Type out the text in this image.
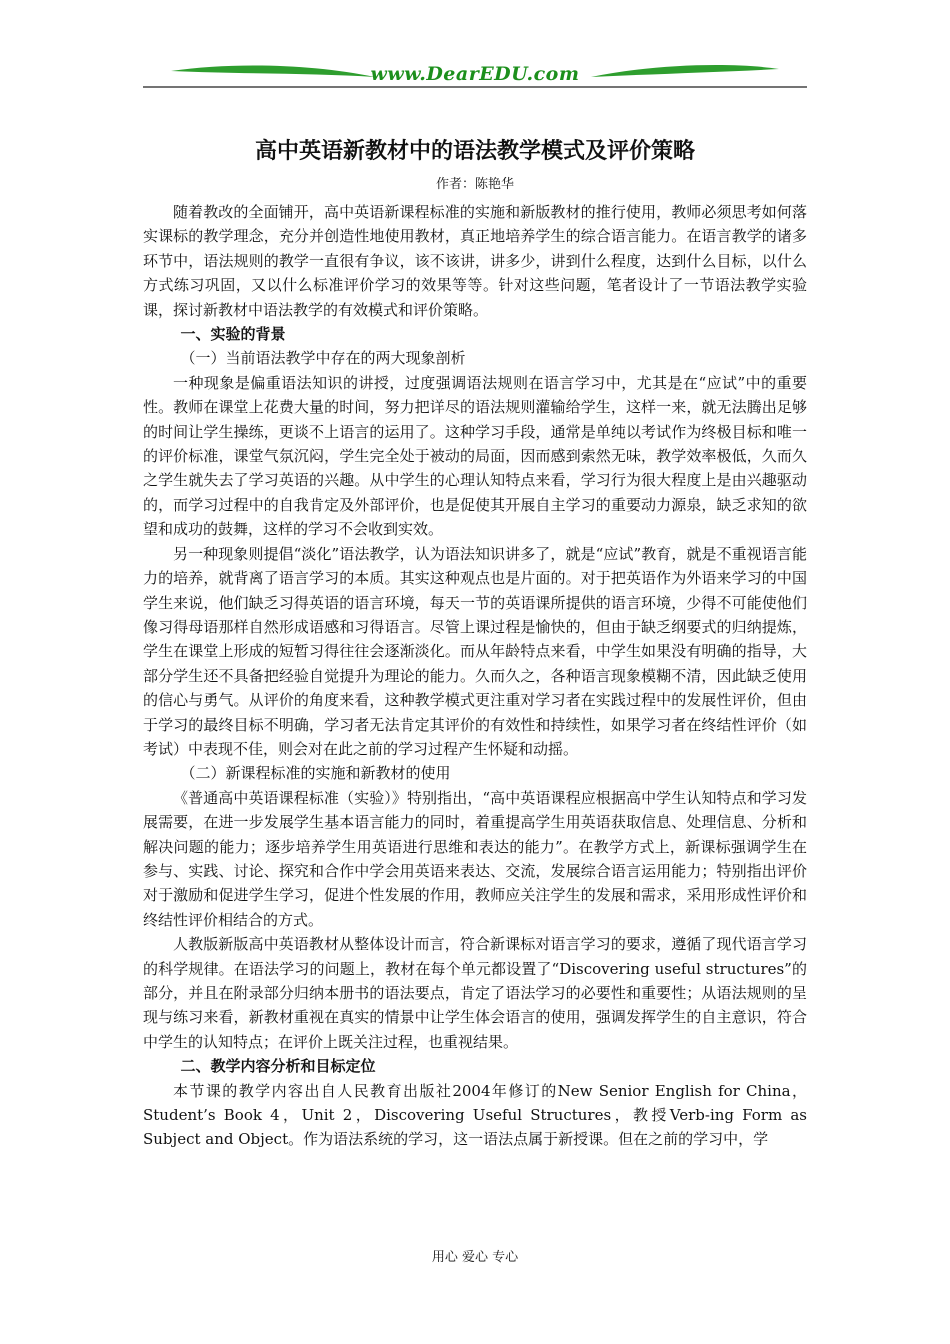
www.DearEDU.com
高中英语新教材中的语法教学模式及评价策略
作者：陈艳华

随着教改的全面铺开，高中英语新课程标准的实施和新版教材的推行使用，教师必须思考如何落实课标的教学理念，充分并创造性地使用教材，真正地培养学生的综合语言能力。在语言教学的诸多环节中，语法规则的教学一直很有争议，该不该讲，讲多少，讲到什么程度，达到什么目标，以什么方式练习巩固，又以什么标准评价学习的效果等等。针对这些问题，笔者设计了一节语法教学实验课，探讨新教材中语法教学的有效模式和评价策略。

一、实验的背景

（一）当前语法教学中存在的两大现象剖析

一种现象是偏重语法知识的讲授，过度强调语法规则在语言学习中，尤其是在“应试”中的重要性。教师在课堂上花费大量的时间，努力把详尽的语法规则灌输给学生，这样一来，就无法腾出足够的时间让学生操练，更谈不上语言的运用了。这种学习手段，通常是单纯以考试作为终极目标和唯一的评价标准，课堂气氛沉闷，学生完全处于被动的局面，因而感到索然无味，教学效率极低，久而久之学生就失去了学习英语的兴趣。从中学生的心理认知特点来看，学习行为很大程度上是由兴趣驱动的，而学习过程中的自我肯定及外部评价，也是促使其开展自主学习的重要动力源泉，缺乏求知的欲望和成功的鼓舞，这样的学习不会收到实效。

另一种现象则提倡“淡化”语法教学，认为语法知识讲多了，就是“应试”教育，就是不重视语言能力的培养，就背离了语言学习的本质。其实这种观点也是片面的。对于把英语作为外语来学习的中国学生来说，他们缺乏习得英语的语言环境，每天一节的英语课所提供的语言环境，少得不可能使他们像习得母语那样自然形成语感和习得语言。尽管上课过程是愉快的，但由于缺乏纲要式的归纳提炼，学生在课堂上形成的短暂习得往往会逐渐淡化。而从年龄特点来看，中学生如果没有明确的指导，大部分学生还不具备把经验自觉提升为理论的能力。久而久之，各种语言现象模糊不清，因此缺乏使用的信心与勇气。从评价的角度来看，这种教学模式更注重对学习者在实践过程中的发展性评价，但由于学习的最终目标不明确，学习者无法肯定其评价的有效性和持续性，如果学习者在终结性评价（如考试）中表现不佳，则会对在此之前的学习过程产生怀疑和动摇。

（二）新课程标准的实施和新教材的使用

《普通高中英语课程标准（实验）》特别指出，“高中英语课程应根据高中学生认知特点和学习发展需要，在进一步发展学生基本语言能力的同时，着重提高学生用英语获取信息、处理信息、分析和解决问题的能力；逐步培养学生用英语进行思维和表达的能力”。在教学方式上，新课标强调学生在参与、实践、讨论、探究和合作中学会用英语来表达、交流，发展综合语言运用能力；特别指出评价对于激励和促进学生学习，促进个性发展的作用，教师应关注学生的发展和需求，采用形成性评价和终结性评价相结合的方式。

人教版新版高中英语教材从整体设计而言，符合新课标对语言学习的要求，遵循了现代语言学习的科学规律。在语法学习的问题上，教材在每个单元都设置了“Discovering useful structures”的部分，并且在附录部分归纳本册书的语法要点，肯定了语法学习的必要性和重要性；从语法规则的呈现与练习来看，新教材重视在真实的情景中让学生体会语言的使用，强调发挥学生的自主意识，符合中学生的认知特点；在评价上既关注过程，也重视结果。

二、教学内容分析和目标定位

本节课的教学内容出自人民教育出版社2004年修订的New Senior English for China，Student’s Book 4，Unit 2，Discovering Useful Structures，教授Verb-ing Form as Subject and Object。作为语法系统的学习，这一语法点属于新授课。但在之前的学习中，学

用心 爱心 专心
